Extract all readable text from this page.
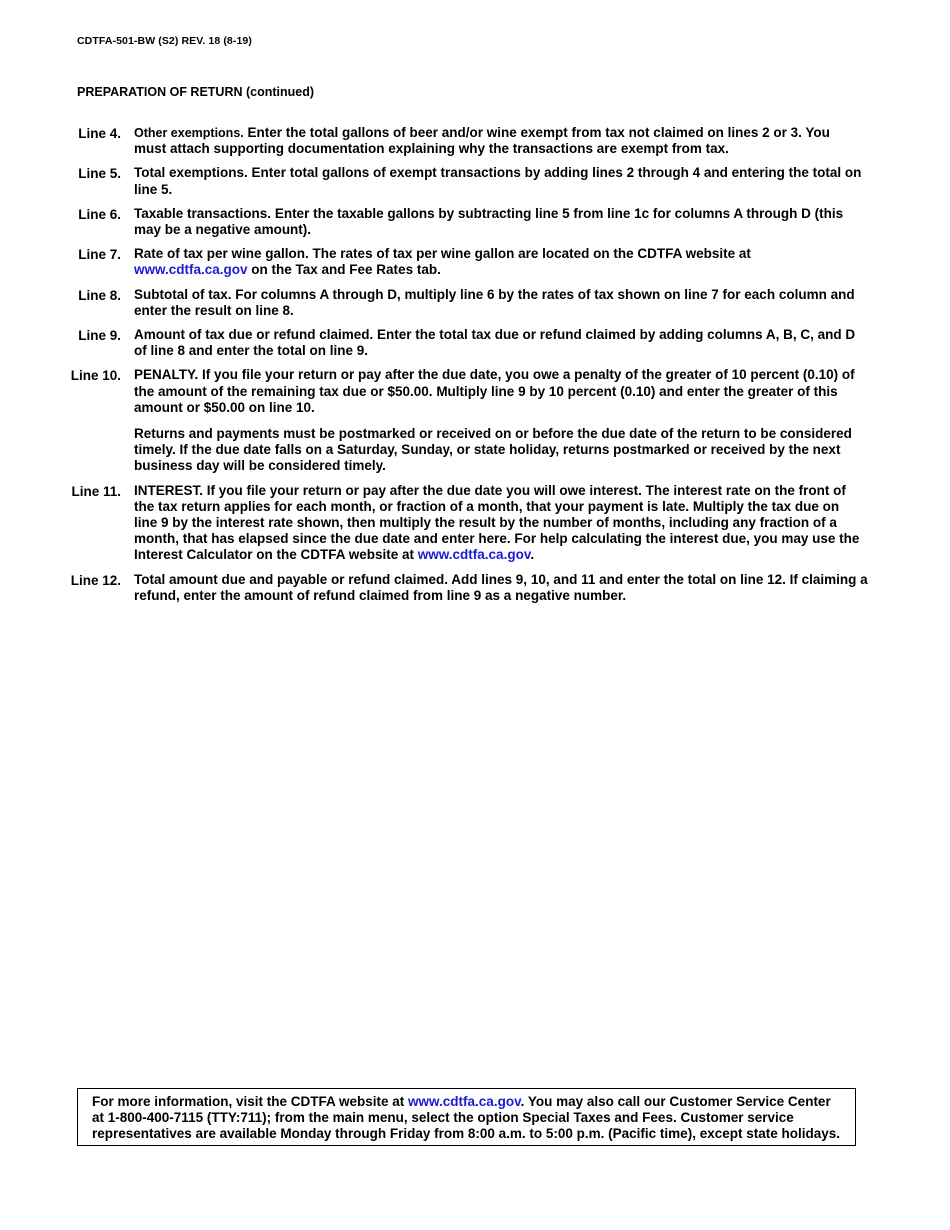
CDTFA-501-BW (S2) REV. 18 (8-19)
PREPARATION OF RETURN (continued)
Line 4. Other exemptions. Enter the total gallons of beer and/or wine exempt from tax not claimed on lines 2 or 3. You must attach supporting documentation explaining why the transactions are exempt from tax.
Line 5. Total exemptions. Enter total gallons of exempt transactions by adding lines 2 through 4 and entering the total on line 5.
Line 6. Taxable transactions. Enter the taxable gallons by subtracting line 5 from line 1c for columns A through D (this may be a negative amount).
Line 7. Rate of tax per wine gallon. The rates of tax per wine gallon are located on the CDTFA website at www.cdtfa.ca.gov on the Tax and Fee Rates tab.
Line 8. Subtotal of tax. For columns A through D, multiply line 6 by the rates of tax shown on line 7 for each column and enter the result on line 8.
Line 9. Amount of tax due or refund claimed. Enter the total tax due or refund claimed by adding columns A, B, C, and D of line 8 and enter the total on line 9.
Line 10. PENALTY. If you file your return or pay after the due date, you owe a penalty of the greater of 10 percent (0.10) of the amount of the remaining tax due or $50.00. Multiply line 9 by 10 percent (0.10) and enter the greater of this amount or $50.00 on line 10.

Returns and payments must be postmarked or received on or before the due date of the return to be considered timely. If the due date falls on a Saturday, Sunday, or state holiday, returns postmarked or received by the next business day will be considered timely.

Line 11. INTEREST. If you file your return or pay after the due date you will owe interest. The interest rate on the front of the tax return applies for each month, or fraction of a month, that your payment is late. Multiply the tax due on line 9 by the interest rate shown, then multiply the result by the number of months, including any fraction of a month, that has elapsed since the due date and enter here. For help calculating the interest due, you may use the Interest Calculator on the CDTFA website at www.cdtfa.ca.gov.
Line 12. Total amount due and payable or refund claimed. Add lines 9, 10, and 11 and enter the total on line 12. If claiming a refund, enter the amount of refund claimed from line 9 as a negative number.
For more information, visit the CDTFA website at www.cdtfa.ca.gov. You may also call our Customer Service Center at 1-800-400-7115 (TTY:711); from the main menu, select the option Special Taxes and Fees. Customer service representatives are available Monday through Friday from 8:00 a.m. to 5:00 p.m. (Pacific time), except state holidays.
